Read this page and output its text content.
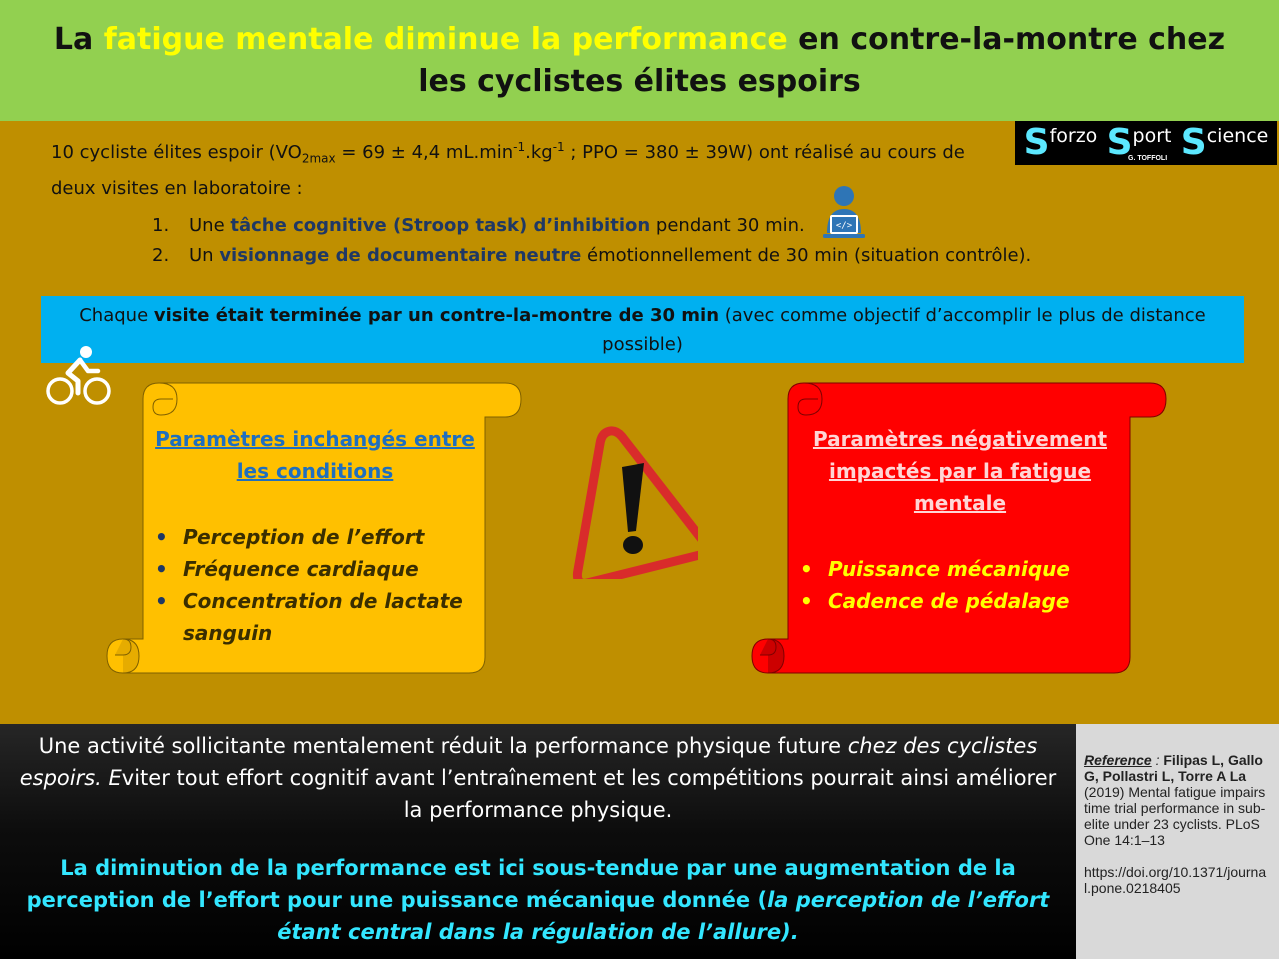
La fatigue mentale diminue la performance en contre-la-montre chez les cyclistes élites espoirs
S forzo S port S cience
G. TOFFOLI

10 cycliste élites espoir ($VO_{2max} = 69 \pm 4,4$ $mL.\min^{-1}.kg^{-1}$ ; PPO = 380 ± 39W) ont réalisé au cours de deux visites en laboratoire :

1.	Une tâche cognitive (Stroop task) d’inhibition pendant 30 min.
2.	Un visionnage de documentaire neutre émotionnellement de 30 min (situation contrôle).
</>

Chaque visite était terminée par un contre-la-montre de 30 min (avec comme objectif d’accomplir le plus de distance possible)

Paramètres inchangés entre les conditions
• Perception de l’effort
• Fréquence cardiaque
• Concentration de lactate sanguin
Paramètres négativement impactés par la fatigue mentale
• Puissance mécanique
• Cadence de pédalage

Une activité sollicitante mentalement réduit la performance physique future chez des cyclistes espoirs. Eviter tout effort cognitif avant l’entraînement et les compétitions pourrait ainsi améliorer la performance physique.

La diminution de la performance est ici sous-tendue par une augmentation de la perception de l’effort pour une puissance mécanique donnée (la perception de l’effort étant central dans la régulation de l’allure).

Reference : Filipas L, Gallo G, Pollastri L, Torre A La (2019) Mental fatigue impairs time trial performance in sub-elite under 23 cyclists. PLoS One 14:1–13

https://doi.org/10.1371/journal.pone.0218405
